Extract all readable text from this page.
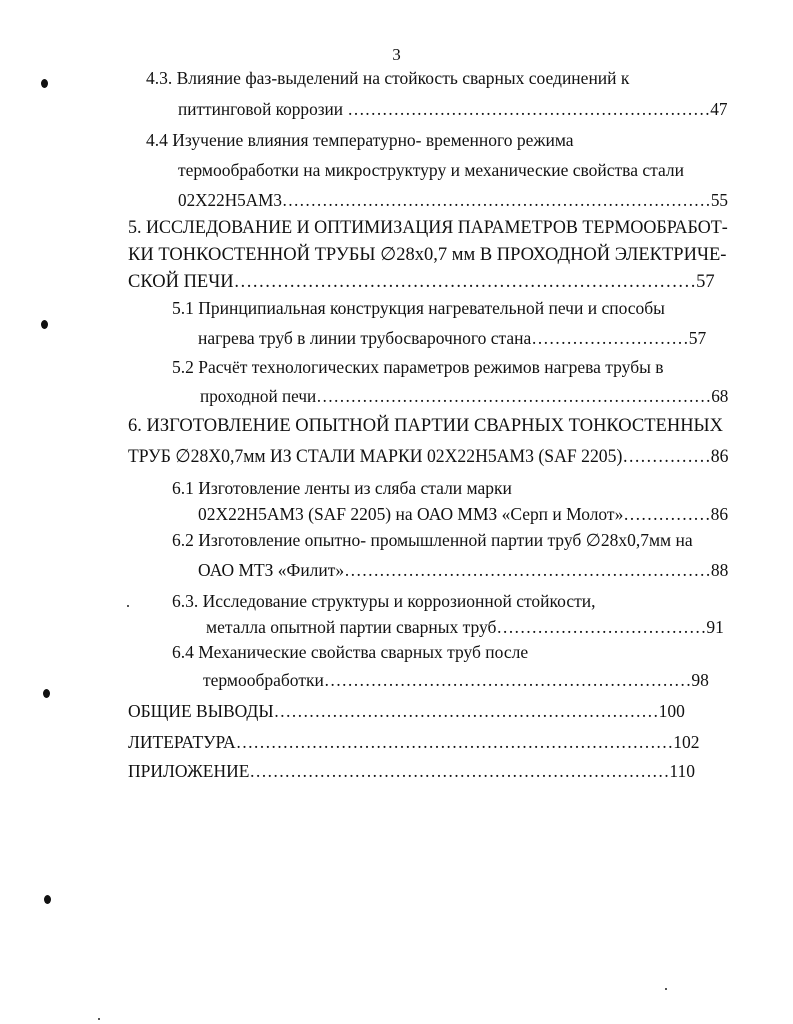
3
4.3. Влияние фаз-выделений на стойкость сварных соединений к
питтинговой коррозии ………………………………………………………47
4.4 Изучение влияния температурно- временного режима
термообработки на микроструктуру и механические свойства стали
02Х22Н5АМ3…………………………………………………………………55
5. ИССЛЕДОВАНИЕ И ОПТИМИЗАЦИЯ ПАРАМЕТРОВ ТЕРМООБРАБОТ-
КИ ТОНКОСТЕННОЙ ТРУБЫ ∅28х0,7 мм В ПРОХОДНОЙ ЭЛЕКТРИЧЕ-
СКОЙ ПЕЧИ…………………………………………………………………57
5.1 Принципиальная конструкция нагревательной печи и способы
нагрева труб в линии трубосварочного стана………………………57
5.2 Расчёт технологических параметров режимов нагрева трубы в
проходной печи……………………………………………………………68
6. ИЗГОТОВЛЕНИЕ ОПЫТНОЙ ПАРТИИ СВАРНЫХ ТОНКОСТЕННЫХ
ТРУБ ∅28Х0,7мм ИЗ СТАЛИ МАРКИ 02Х22Н5АМ3 (SAF 2205)……………86
6.1 Изготовление ленты из сляба стали марки
02Х22Н5АМ3 (SAF 2205) на ОАО ММЗ «Серп и Молот»……………86
6.2 Изготовление опытно- промышленной партии труб ∅28х0,7мм на
ОАО МТЗ «Филит»………………………………………………………88
6.3. Исследование структуры и коррозионной стойкости,
металла опытной партии сварных труб………………………………91
6.4 Механические свойства сварных труб после
термообработки………………………………………………………98
ОБЩИЕ ВЫВОДЫ…………………………………………………………100
ЛИТЕРАТУРА…………………………………………………………………102
ПРИЛОЖЕНИЕ………………………………………………………………110
